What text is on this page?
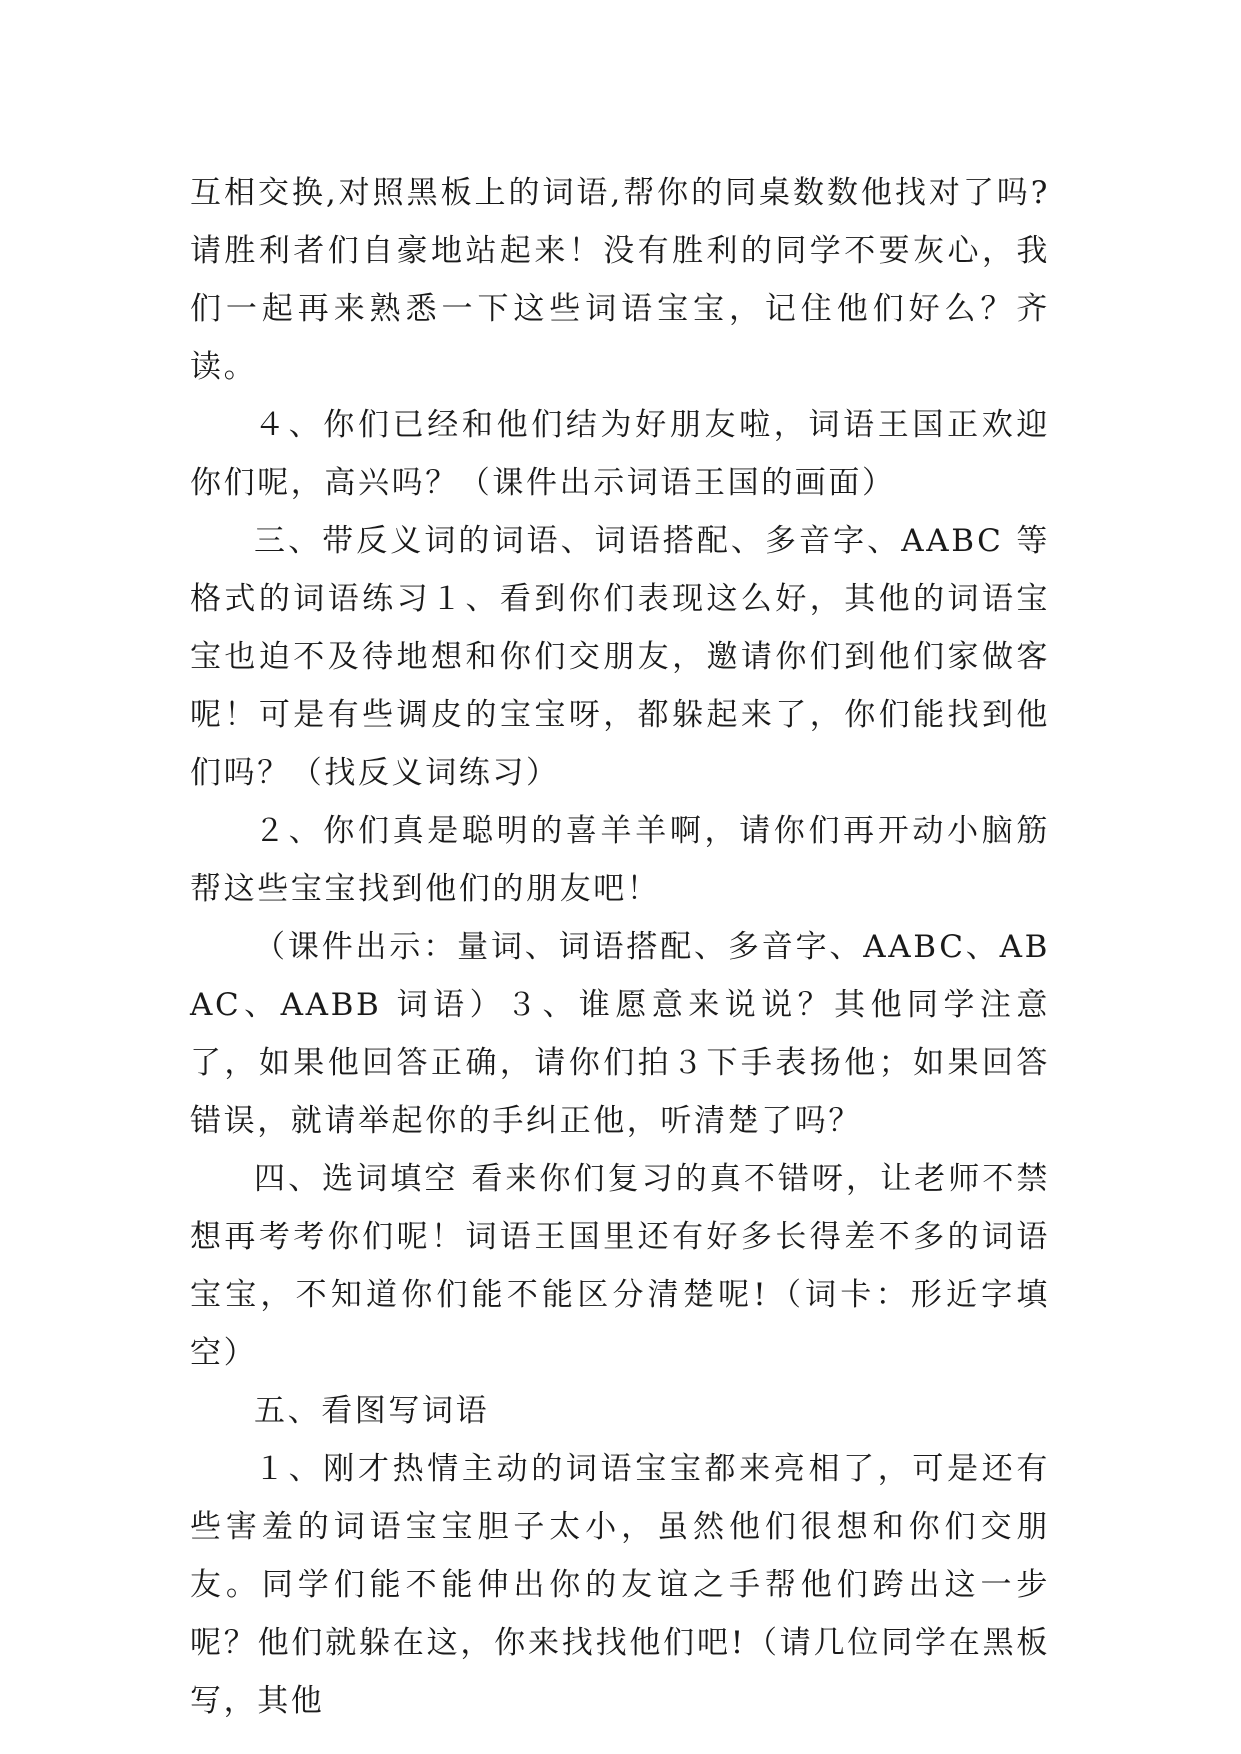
互相交换,对照黑板上的词语,帮你的同桌数数他找对了吗?请胜利者们自豪地站起来！没有胜利的同学不要灰心，我们一起再来熟悉一下这些词语宝宝，记住他们好么？齐读。

４、你们已经和他们结为好朋友啦，词语王国正欢迎你们呢，高兴吗？（课件出示词语王国的画面）

三、带反义词的词语、词语搭配、多音字、AABC 等格式的词语练习１、看到你们表现这么好，其他的词语宝宝也迫不及待地想和你们交朋友，邀请你们到他们家做客呢！可是有些调皮的宝宝呀，都躲起来了，你们能找到他们吗？（找反义词练习）

２、你们真是聪明的喜羊羊啊，请你们再开动小脑筋帮这些宝宝找到他们的朋友吧！

（课件出示：量词、词语搭配、多音字、AABC、ABAC、AABB 词语）３、谁愿意来说说？其他同学注意了，如果他回答正确，请你们拍３下手表扬他；如果回答错误，就请举起你的手纠正他，听清楚了吗？

四、选词填空 看来你们复习的真不错呀，让老师不禁想再考考你们呢！词语王国里还有好多长得差不多的词语宝宝，不知道你们能不能区分清楚呢!（词卡：形近字填空）

五、看图写词语

１、刚才热情主动的词语宝宝都来亮相了，可是还有些害羞的词语宝宝胆子太小，虽然他们很想和你们交朋友。同学们能不能伸出你的友谊之手帮他们跨出这一步呢？他们就躲在这，你来找找他们吧!（请几位同学在黑板写，其他
